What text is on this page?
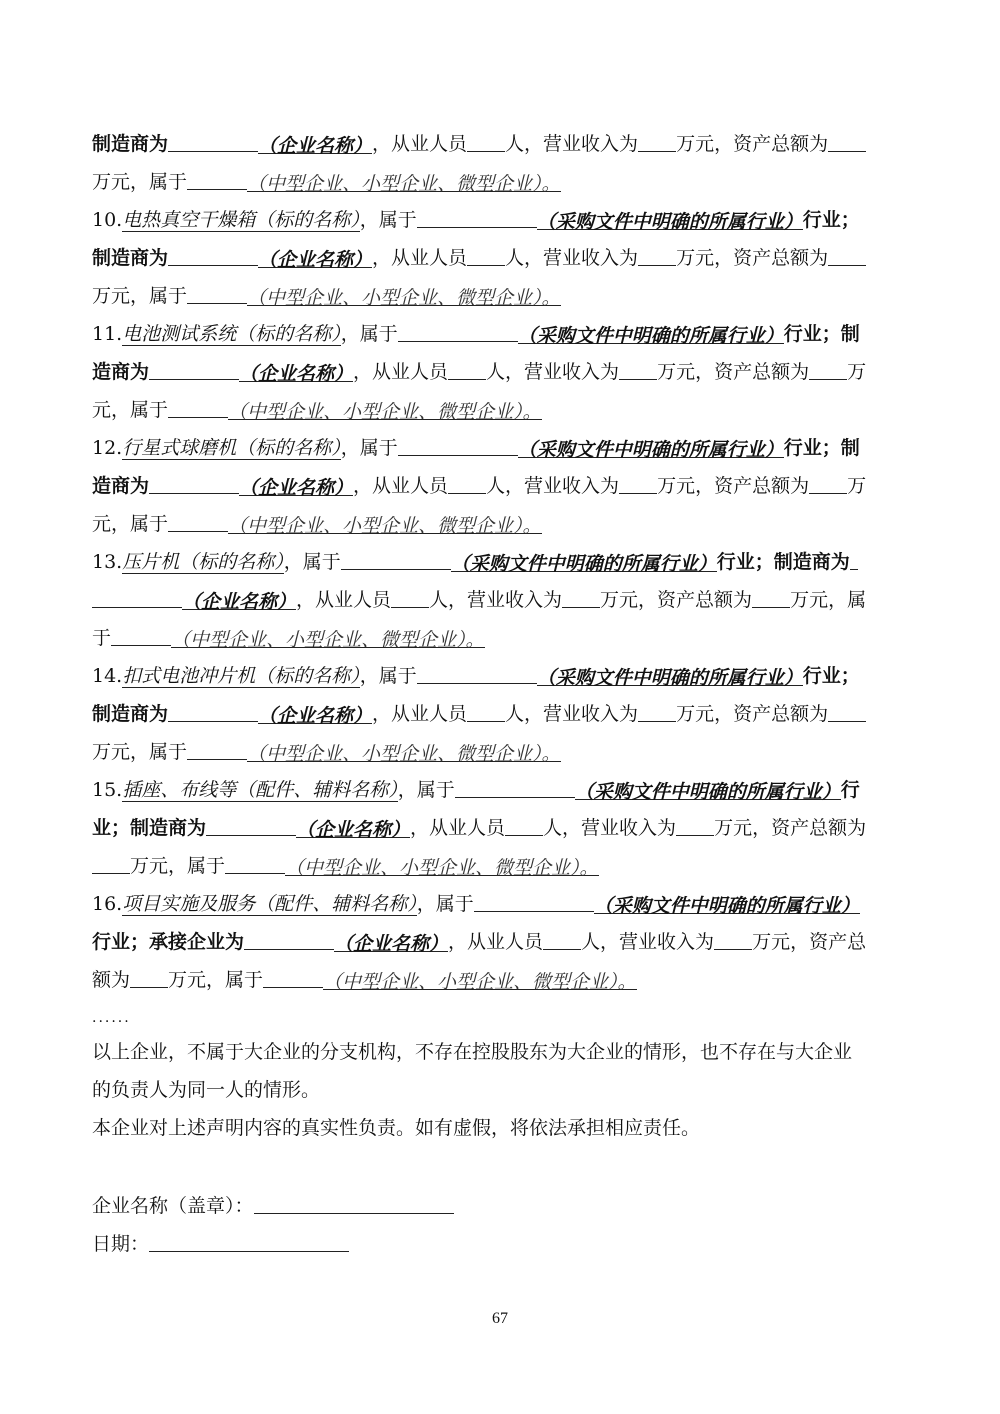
制造商为	（企业名称），从业人员 人，营业收入为 万元，资产总额为
万元，属于	（中型企业、小型企业、微型企业）。
10.电热真空干燥箱（标的名称），属于	（采购文件中明确的所属行业）行业；
制造商为	（企业名称），从业人员 人，营业收入为 万元，资产总额为
万元，属于	（中型企业、小型企业、微型企业）。
11.电池测试系统（标的名称），属于	（采购文件中明确的所属行业）行业；制
造商为	（企业名称），从业人员 人，营业收入为 万元，资产总额为 万
元，属于	（中型企业、小型企业、微型企业）。
12.行星式球磨机（标的名称），属于	（采购文件中明确的所属行业）行业；制
造商为	（企业名称），从业人员 人，营业收入为 万元，资产总额为 万
元，属于	（中型企业、小型企业、微型企业）。
13.压片机（标的名称），属于	（采购文件中明确的所属行业）行业；制造商为
（企业名称），从业人员 人，营业收入为 万元，资产总额为 万元，属
于	（中型企业、小型企业、微型企业）。
14.扣式电池冲片机（标的名称），属于	（采购文件中明确的所属行业）行业；
制造商为	（企业名称），从业人员 人，营业收入为 万元，资产总额为
万元，属于	（中型企业、小型企业、微型企业）。
15.插座、布线等（配件、辅料名称），属于	（采购文件中明确的所属行业）行
业；制造商为	（企业名称），从业人员 人，营业收入为 万元，资产总额为
万元，属于	（中型企业、小型企业、微型企业）。
16.项目实施及服务（配件、辅料名称），属于	（采购文件中明确的所属行业）
行业；承接企业为	（企业名称），从业人员 人，营业收入为 万元，资产总
额为 万元，属于	（中型企业、小型企业、微型企业）。
......
以上企业，不属于大企业的分支机构，不存在控股股东为大企业的情形，也不存在与大企业
的负责人为同一人的情形。
本企业对上述声明内容的真实性负责。如有虚假，将依法承担相应责任。
企业名称（盖章）：
日期：
67
